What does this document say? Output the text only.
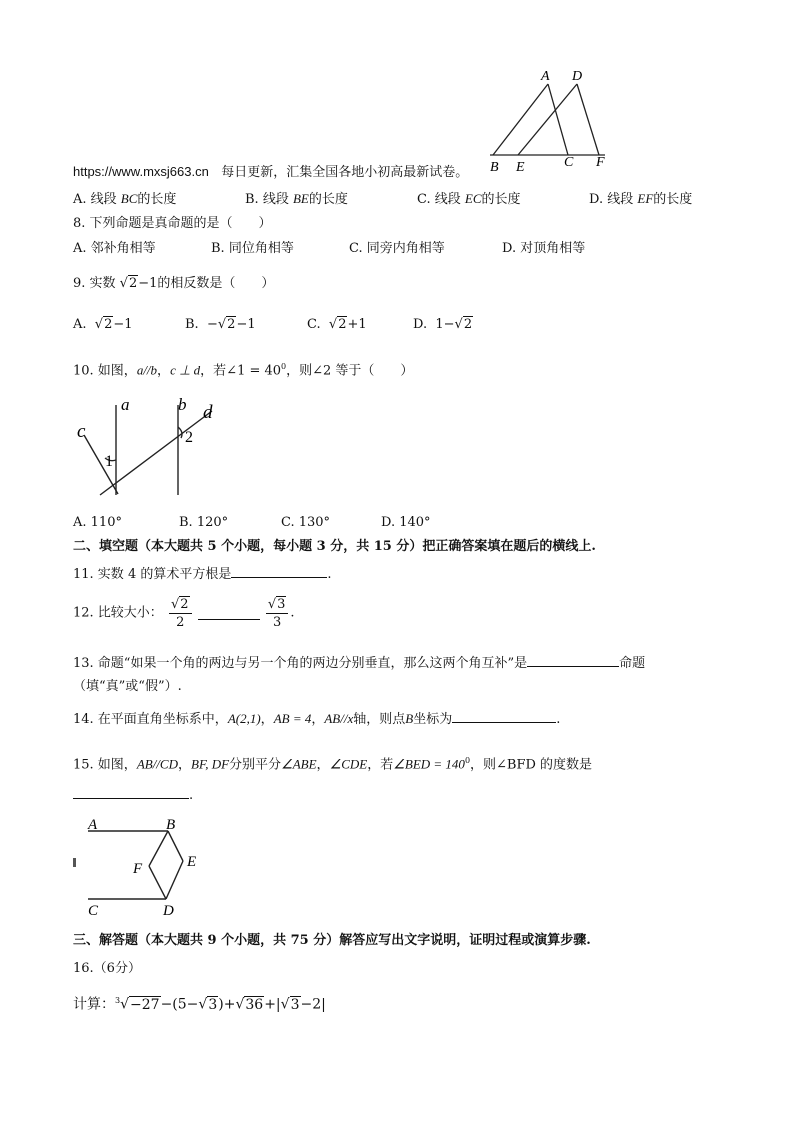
A D
B E	C F
https://www.mxsj663.cn 每日更新，汇集全国各地小初高最新试卷。
A. 线段 BC的长度	B. 线段 BE的长度	C. 线段 EC的长度	D. 线段 EF的长度
8. 下列命题是真命题的是（　　）
A. 邻补角相等	B. 同位角相等	C. 同旁内角相等	D. 对顶角相等
9. 实数 √2−1的相反数是（　　）
A.  √2−1	B. −√2−1	C.  √2+1	D. 1−√2
10. 如图，a//b，c ⊥ d，若∠1 = $40^0$，则∠2 等于（　　）
a	b
c
d
1
2
A. 110°	B. 120°	C. 130°	D. 140°
二、填空题（本大题共 5 个小题，每小题 3 分，共 15 分）把正确答案填在题后的横线上.
11. 实数 4 的算术平方根是	.
12. 比较大小： $\frac{√2}{2}$
	$\frac{√3}{3}$ .
13. 命题“如果一个角的两边与另一个角的两边分别垂直，那么这两个角互补”是	命题
（填“真”或“假”）.
14. 在平面直角坐标系中，A(2,1)，AB = 4，AB//x轴，则点B坐标为	.
15. 如图，AB//CD，BF, DF分别平分∠ABE，∠CDE，若∠BED = $140^0$，则∠BFD 的度数是
.
A	B
E
F
C	D
三、解答题（本大题共 9 个小题，共 75 分）解答应写出文字说明，证明过程或演算步骤.
16.（6分）
计算：$^3$√−27−(5−√3)+√36+|√3−2|
